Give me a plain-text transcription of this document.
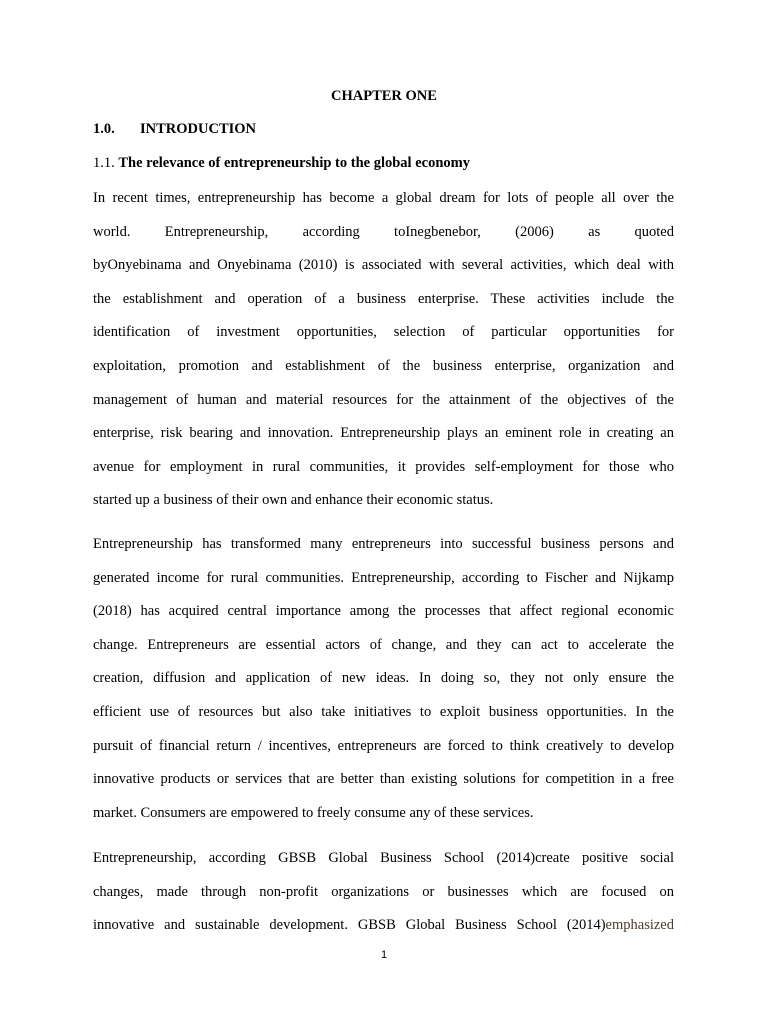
CHAPTER ONE
1.0. INTRODUCTION
1.1. The relevance of entrepreneurship to the global economy
In recent times, entrepreneurship has become a global dream for lots of people all over the
world. Entrepreneurship, according toInegbenebor, (2006) as quoted
byOnyebinama and Onyebinama (2010) is associated with several activities, which deal with
the establishment and operation of a business enterprise. These activities include the
identification of investment opportunities, selection of particular opportunities for
exploitation, promotion and establishment of the business enterprise, organization and
management of human and material resources for the attainment of the objectives of the
enterprise, risk bearing and innovation. Entrepreneurship plays an eminent role in creating an
avenue for employment in rural communities, it provides self-employment for those who
started up a business of their own and enhance their economic status.
Entrepreneurship has transformed many entrepreneurs into successful business persons and
generated income for rural communities. Entrepreneurship, according to Fischer and Nijkamp
(2018) has acquired central importance among the processes that affect regional economic
change. Entrepreneurs are essential actors of change, and they can act to accelerate the
creation, diffusion and application of new ideas. In doing so, they not only ensure the
efficient use of resources but also take initiatives to exploit business opportunities. In the
pursuit of financial return / incentives, entrepreneurs are forced to think creatively to develop
innovative products or services that are better than existing solutions for competition in a free
market. Consumers are empowered to freely consume any of these services.
Entrepreneurship, according GBSB Global Business School (2014)create positive social
changes, made through non-profit organizations or businesses which are focused on
innovative and sustainable development. GBSB Global Business School (2014)emphasized
1
